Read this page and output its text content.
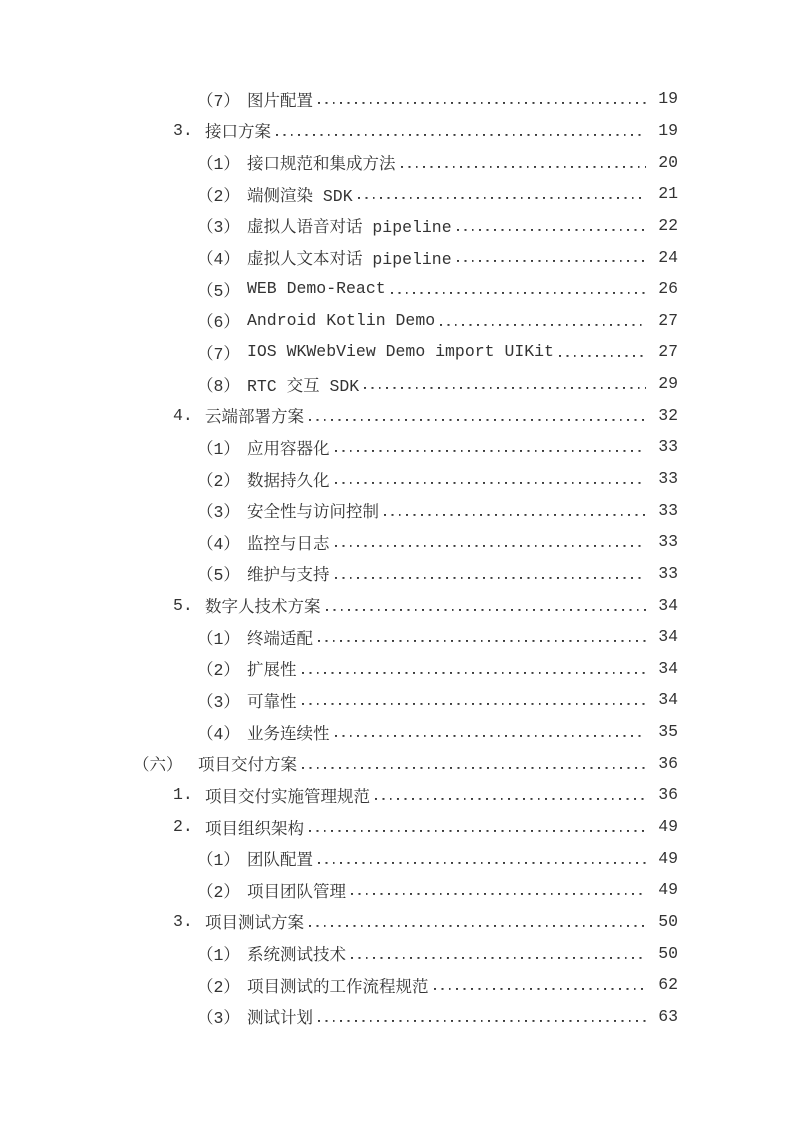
（7） 图片配置	19
3. 接口方案	19
（1） 接口规范和集成方法	20
（2） 端侧渲染 SDK	21
（3） 虚拟人语音对话 pipeline	22
（4） 虚拟人文本对话 pipeline	24
（5） WEB Demo-React	26
（6） Android Kotlin Demo	27
（7） IOS WKWebView Demo import UIKit	27
（8） RTC 交互 SDK	29
4. 云端部署方案	32
（1） 应用容器化	33
（2） 数据持久化	33
（3） 安全性与访问控制	33
（4） 监控与日志	33
（5） 维护与支持	33
5. 数字人技术方案	34
（1） 终端适配	34
（2） 扩展性	34
（3） 可靠性	34
（4） 业务连续性	35
（六） 项目交付方案	36
1. 项目交付实施管理规范	36
2. 项目组织架构	49
（1） 团队配置	49
（2） 项目团队管理	49
3. 项目测试方案	50
（1） 系统测试技术	50
（2） 项目测试的工作流程规范	62
（3） 测试计划	63
